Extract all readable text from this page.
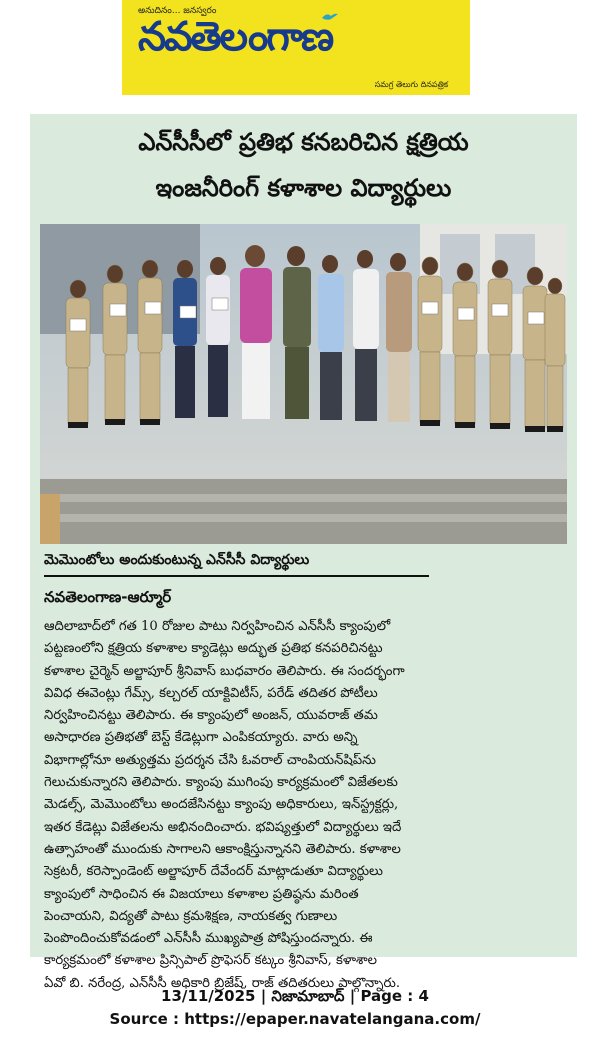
అనుదినం... జనస్వరం
నవతెలంగాణ
సమగ్ర తెలుగు దినపత్రిక
ఎన్‌సీసీలో ప్రతిభ కనబరిచిన క్షత్రియ
ఇంజనీరింగ్ కళాశాల విద్యార్థులు
మెమొంటోలు అందుకుంటున్న ఎన్‌సీసీ విద్యార్థులు
నవతెలంగాణ-ఆర్మూర్

ఆదిలాబాద్‌లో గత 10 రోజుల పాటు నిర్వహించిన ఎన్‌సీసీ క్యాంపులో

పట్టణంలోని క్షత్రియ కళాశాల క్యాడెట్లు అద్భుత ప్రతిభ కనపరిచినట్టు

కళాశాల చైర్మెన్ అల్జాపూర్ శ్రీనివాస్ బుధవారం తెలిపారు. ఈ సందర్భంగా

వివిధ ఈవెంట్లు గేమ్స్, కల్చరల్ యాక్టివిటీస్, పరేడ్ తదితర పోటీలు

నిర్వహించినట్టు తెలిపారు. ఈ క్యాంపులో అంజన్, యువరాజ్ తమ

అసాధారణ ప్రతిభతో బెస్ట్ కేడెట్లుగా ఎంపికయ్యారు. వారు అన్ని

విభాగాల్లోనూ అత్యుత్తమ ప్రదర్శన చేసి ఓవరాల్ చాంపియన్‌షిప్‌ను

గెలుచుకున్నారని తెలిపారు. క్యాంపు ముగింపు కార్యక్రమంలో విజేతలకు

మెడల్స్, మెమొంటోలు అందజేసినట్టు క్యాంపు అధికారులు, ఇన్‌స్ట్రక్టర్లు,

ఇతర కేడెట్లు విజేతలను అభినందించారు. భవిష్యత్తులో విద్యార్థులు ఇదే

ఉత్సాహంతో ముందుకు సాగాలని ఆకాంక్షిస్తున్నానని తెలిపారు. కళాశాల

సెక్రటరీ, కరెస్పాండెంట్ అల్జాపూర్ దేవేందర్ మాట్లాడుతూ విద్యార్థులు

క్యాంపులో సాధించిన ఈ విజయాలు కళాశాల ప్రతిష్ఠను మరింత

పెంచాయని, విద్యతో పాటు క్రమశిక్షణ, నాయకత్వ గుణాలు

పెంపొందించుకోవడంలో ఎన్‌సీసీ ముఖ్యపాత్ర పోషిస్తుందన్నారు. ఈ

కార్యక్రమంలో కళాశాల ప్రిన్సిపాల్ ప్రొఫెసర్ కట్కం శ్రీనివాస్, కళాశాల

ఏవో బి. నరేంద్ర, ఎన్‌సీసీ అధికారి బ్రిజేష్, రాజ్ తదితరులు పాల్గొన్నారు.

13/11/2025 | నిజామాబాద్ | Page : 4
Source : https://epaper.navatelangana.com/
